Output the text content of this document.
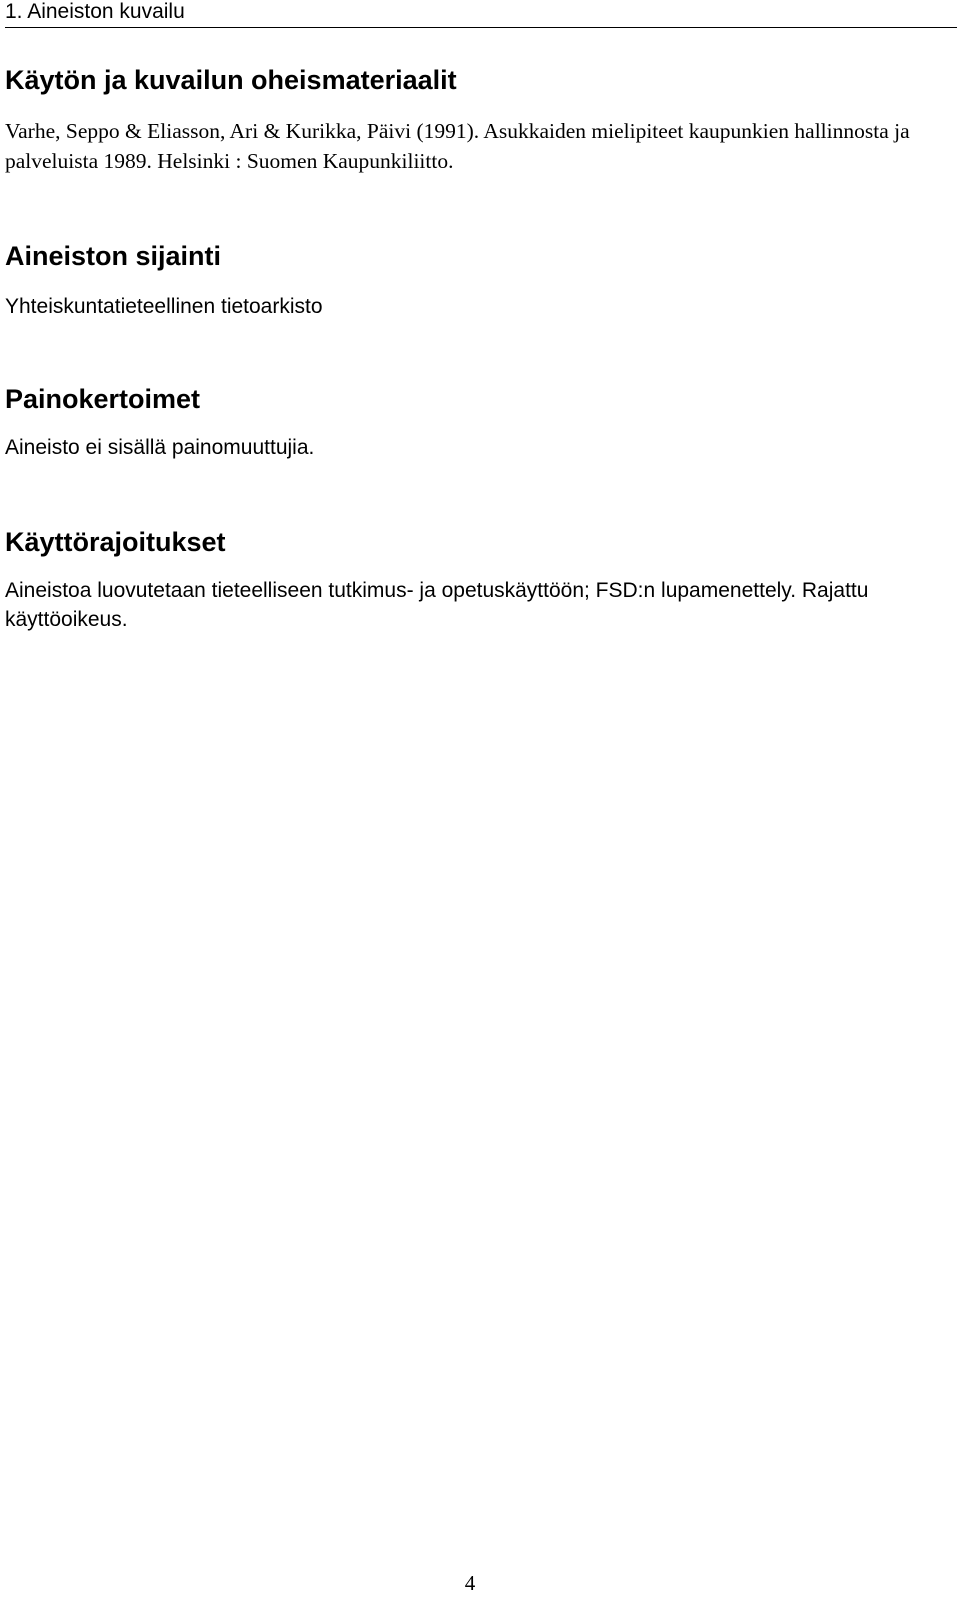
1. Aineiston kuvailu
Käytön ja kuvailun oheismateriaalit

Varhe, Seppo & Eliasson, Ari & Kurikka, Päivi (1991). Asukkaiden mielipiteet kaupunkien hallinnosta ja palveluista 1989. Helsinki : Suomen Kaupunkiliitto.

Aineiston sijainti

Yhteiskuntatieteellinen tietoarkisto

Painokertoimet

Aineisto ei sisällä painomuuttujia.

Käyttörajoitukset

Aineistoa luovutetaan tieteelliseen tutkimus- ja opetuskäyttöön; FSD:n lupamenettely. Rajattu käyttöoikeus.

4
